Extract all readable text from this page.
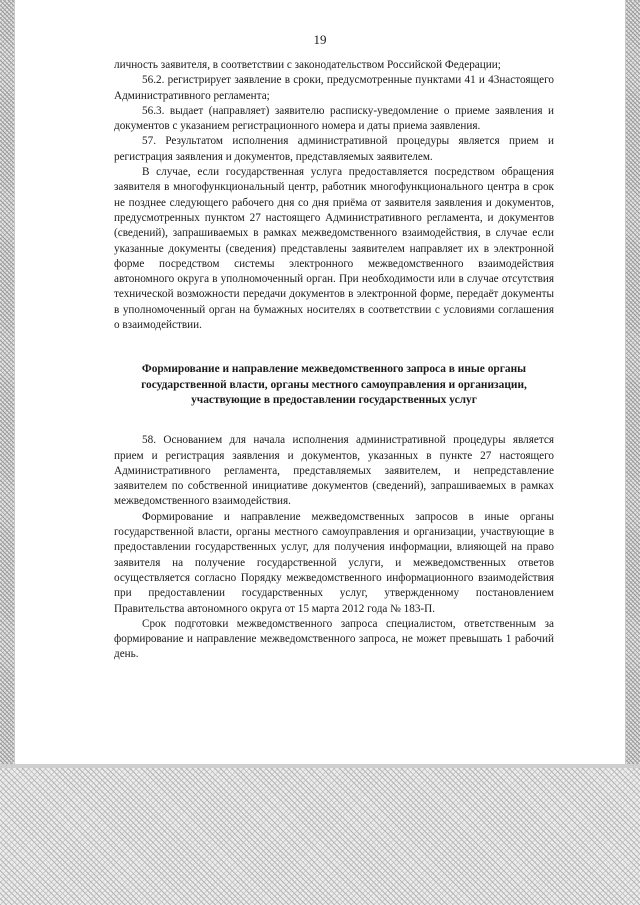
19

личность заявителя, в соответствии с законодательством Российской Федерации;

56.2. регистрирует заявление в сроки, предусмотренные пунктами 41 и 43настоящего Административного регламента;

56.3. выдает (направляет) заявителю расписку-уведомление о приеме заявления и документов с указанием регистрационного номера и даты приема заявления.

57. Результатом исполнения административной процедуры является прием и регистрация заявления и документов, представляемых заявителем.

В случае, если государственная услуга предоставляется посредством обращения заявителя в многофункциональный центр, работник многофункционального центра в срок не позднее следующего рабочего дня со дня приёма от заявителя заявления и документов, предусмотренных пунктом 27 настоящего Административного регламента, и документов (сведений), запрашиваемых в рамках межведомственного взаимодействия, в случае если указанные документы (сведения) представлены заявителем направляет их в электронной форме посредством системы электронного межведомственного взаимодействия автономного округа в уполномоченный орган. При необходимости или в случае отсутствия технической возможности передачи документов в электронной форме, передаёт документы в уполномоченный орган на бумажных носителях в соответствии с условиями соглашения о взаимодействии.

Формирование и направление межведомственного запроса в иные органы государственной власти, органы местного самоуправления и организации, участвующие в предоставлении государственных услуг

58. Основанием для начала исполнения административной процедуры является прием и регистрация заявления и документов, указанных в пункте 27 настоящего Административного регламента, представляемых заявителем, и непредставление заявителем по собственной инициативе документов (сведений), запрашиваемых в рамках межведомственного взаимодействия.

Формирование и направление межведомственных запросов в иные органы государственной власти, органы местного самоуправления и организации, участвующие в предоставлении государственных услуг, для получения информации, влияющей на право заявителя на получение государственной услуги, и межведомственных ответов осуществляется согласно Порядку межведомственного информационного взаимодействия при предоставлении государственных услуг, утвержденному постановлением Правительства автономного округа от 15 марта 2012 года № 183-П.

Срок подготовки межведомственного запроса специалистом, ответственным за формирование и направление межведомственного запроса, не может превышать 1 рабочий день.
